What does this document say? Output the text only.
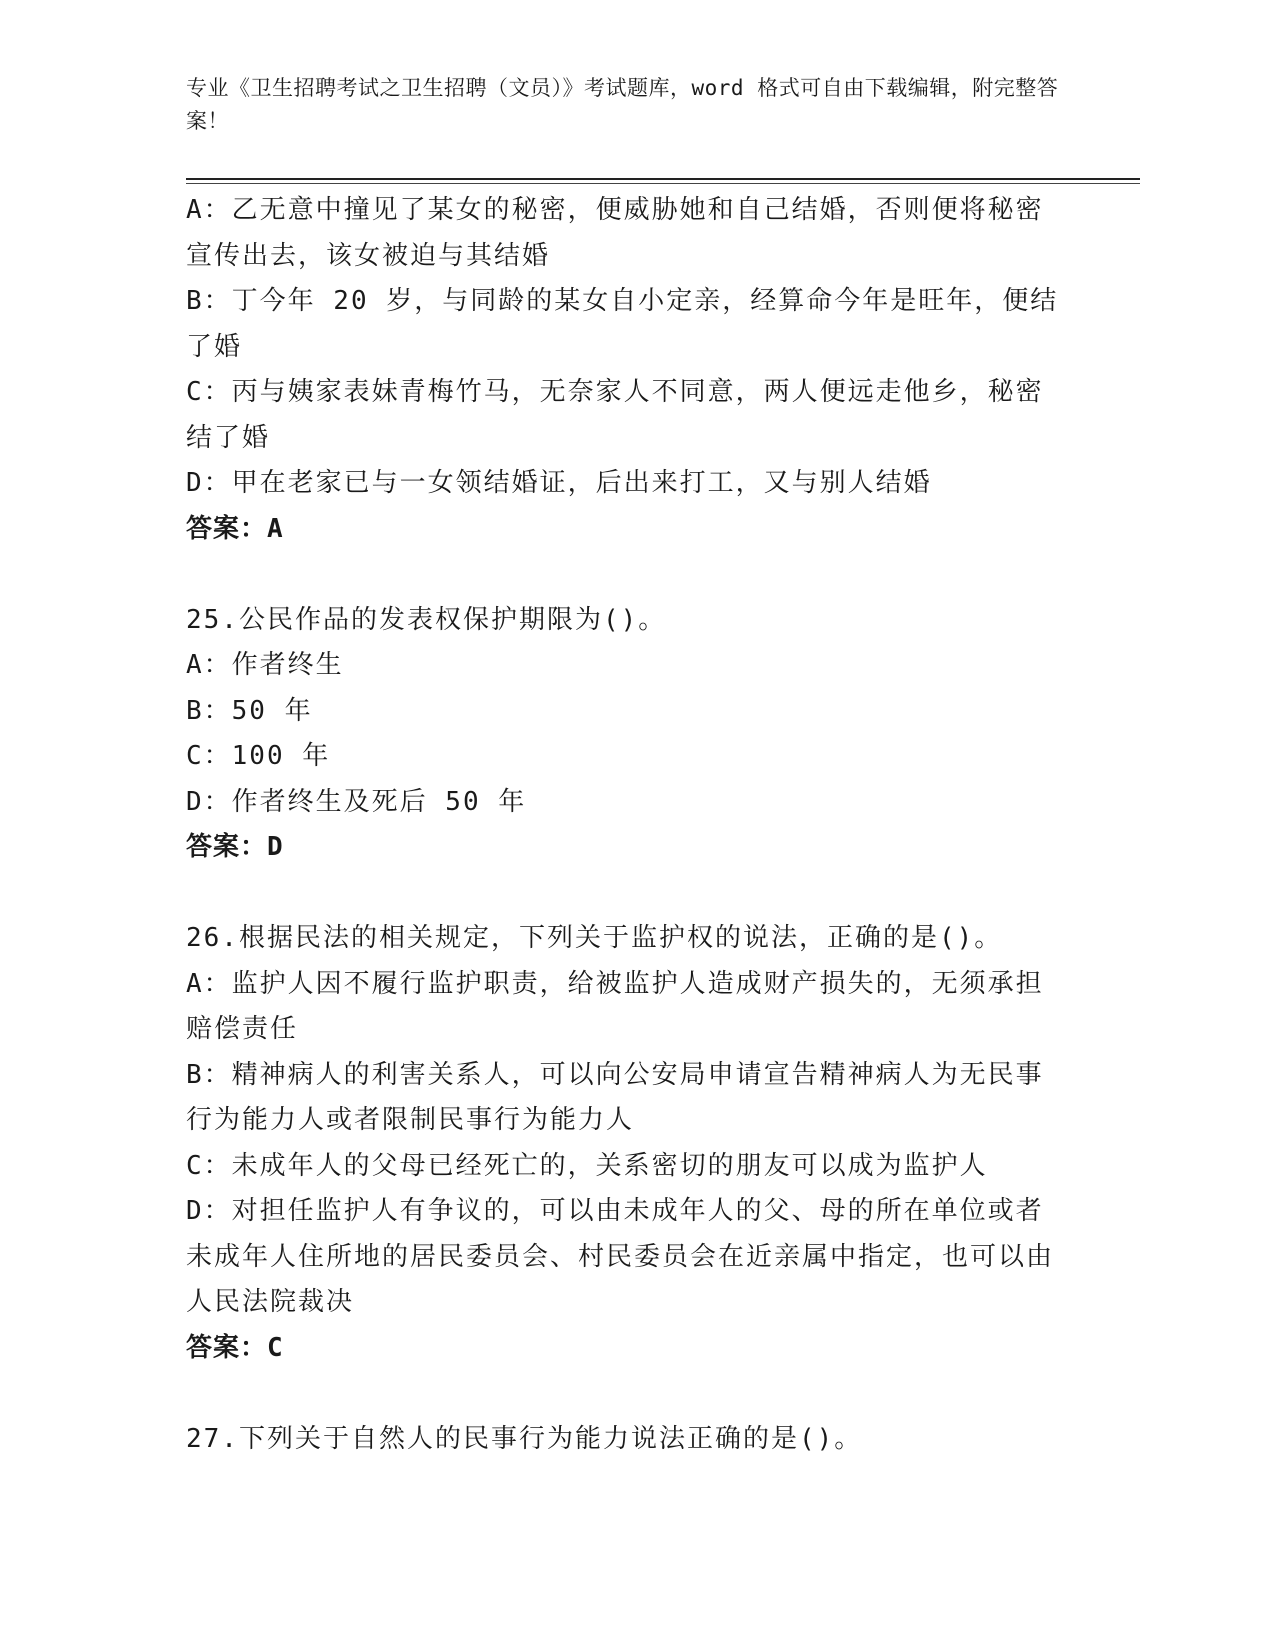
专业《卫生招聘考试之卫生招聘（文员）》考试题库，word 格式可自由下载编辑，附完整答案！
A：乙无意中撞见了某女的秘密，便威胁她和自己结婚，否则便将秘密宣传出去，该女被迫与其结婚
B：丁今年 20 岁，与同龄的某女自小定亲，经算命今年是旺年，便结了婚
C：丙与姨家表妹青梅竹马，无奈家人不同意，两人便远走他乡，秘密结了婚
D：甲在老家已与一女领结婚证，后出来打工，又与别人结婚
答案：A
25.公民作品的发表权保护期限为()。
A：作者终生
B：50 年
C：100 年
D：作者终生及死后 50 年
答案：D
26.根据民法的相关规定，下列关于监护权的说法，正确的是()。
A：监护人因不履行监护职责，给被监护人造成财产损失的，无须承担赔偿责任
B：精神病人的利害关系人，可以向公安局申请宣告精神病人为无民事行为能力人或者限制民事行为能力人
C：未成年人的父母已经死亡的，关系密切的朋友可以成为监护人
D：对担任监护人有争议的，可以由未成年人的父、母的所在单位或者未成年人住所地的居民委员会、村民委员会在近亲属中指定，也可以由人民法院裁决
答案：C
27.下列关于自然人的民事行为能力说法正确的是()。
